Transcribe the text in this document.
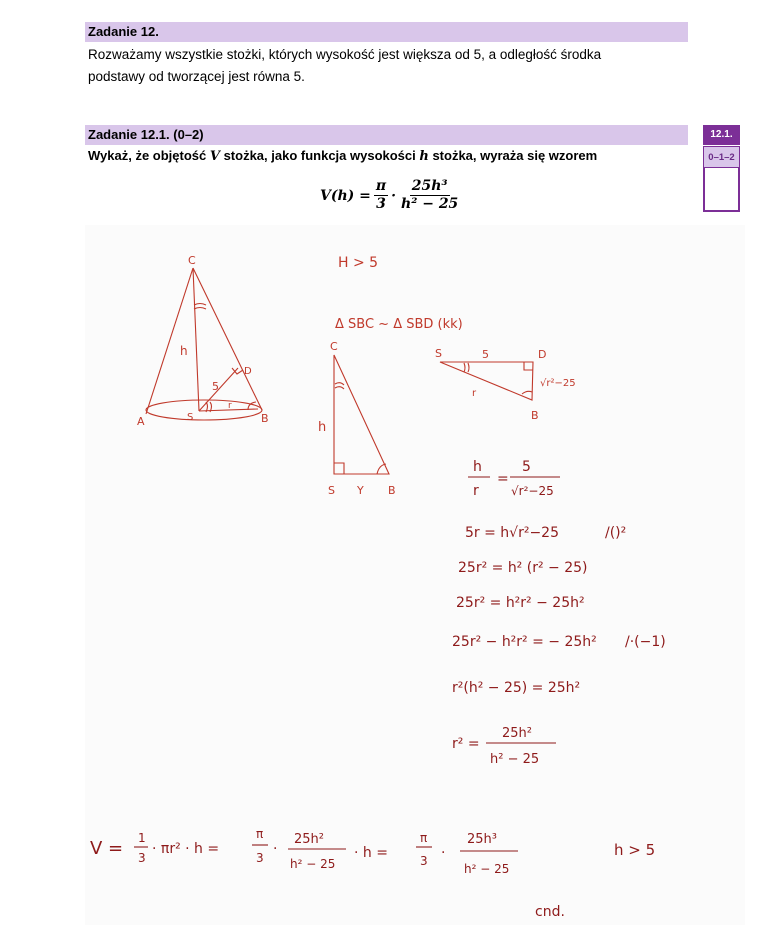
Zadanie 12.
Rozważamy wszystkie stożki, których wysokość jest większa od 5, a odległość środka
podstawy od tworzącej jest równa 5.
Zadanie 12.1. (0–2)
Wykaż, że objętość V stożka, jako funkcja wysokości h stożka, wyraża się wzorem
12.1.
0–1–2
$V(h) = \frac{\pi}{3} \cdot \frac{\text{25h³}}{\text{h² − 25}}$
C
A	S	B
D
h
5
r
H > 5
Δ SBC ~ Δ SBD (kk)
C
h
S Y B
S	5	D
r
B
√r²−25
h
r
=
5
√r²−25
5r = h√r²−25	/()²
25r² = h² (r² − 25)
25r² = h²r² − 25h²
25r² − h²r² = − 25h² /·(−1)
r²(h² − 25) = 25h²
r² =
25h²
h² − 25
V = 1
3
· πr² · h =
π
3
·
25h²
h² − 25
· h =
π
3 ·
25h³
h² − 25
h > 5
cnd.
